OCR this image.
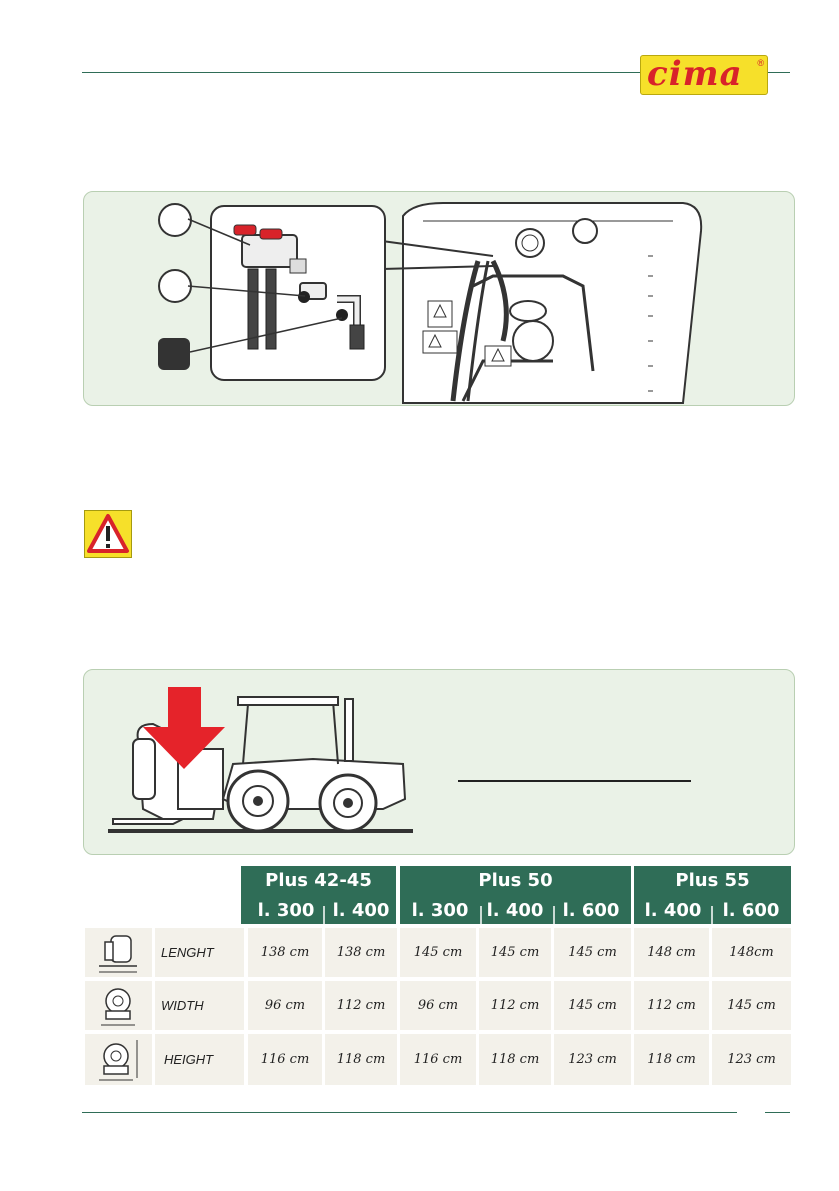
cima ®
Plus 42-45
l. 300	l. 400
Plus 50
l. 300	l. 400	l. 600
Plus 55
l. 400	l. 600
LENGHT	138 cm	138 cm	145 cm	145 cm	145 cm	148 cm	148cm
WIDTH	96 cm	112 cm	96 cm	112 cm	145 cm	112 cm	145 cm
HEIGHT	116 cm	118 cm	116 cm	118 cm	123 cm	118 cm	123 cm
